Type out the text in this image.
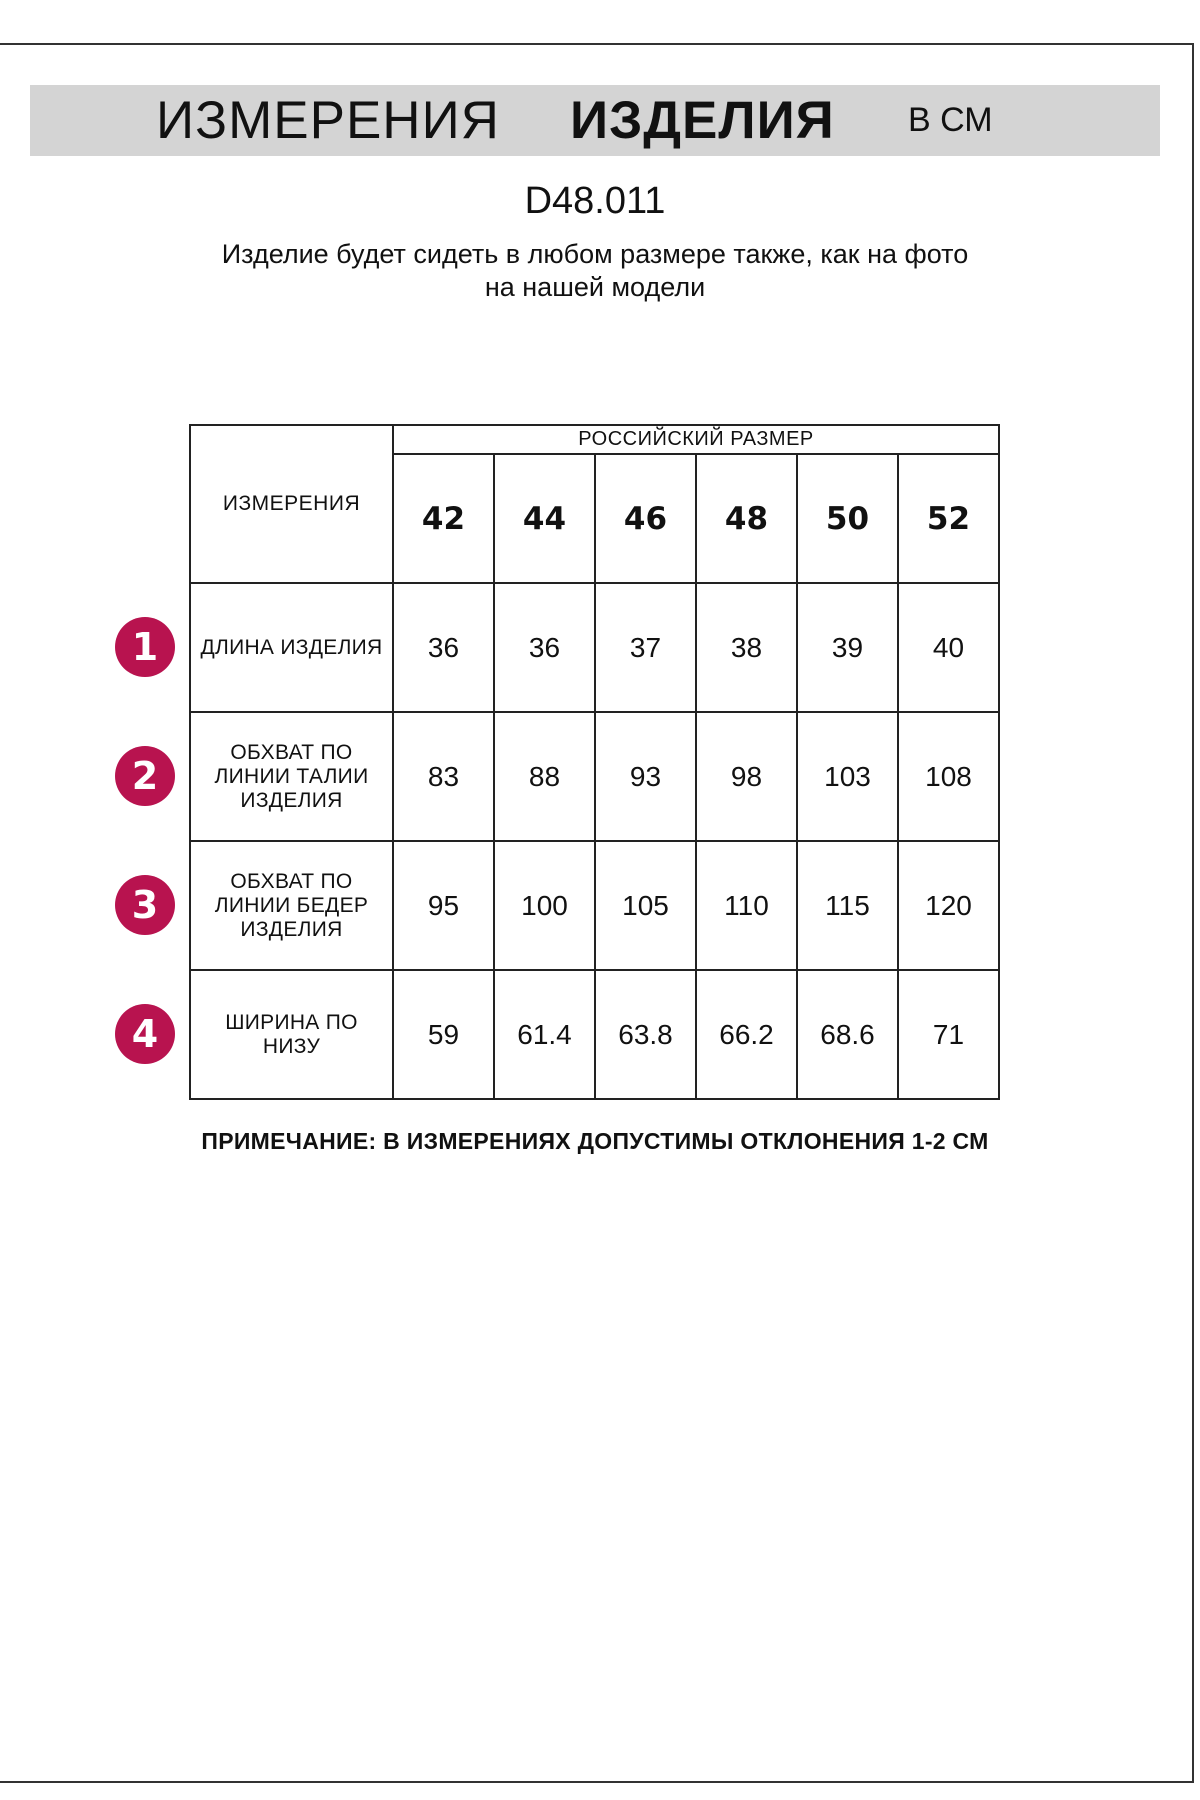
ИЗМЕРЕНИЯ ИЗДЕЛИЯ В СМ
D48.011
Изделие будет сидеть в любом размере также, как на фото
на нашей модели
ИЗМЕРЕНИЯ	РОССИЙСКИЙ РАЗМЕР					
	42	44	46	48	50	52

ДЛИНА ИЗДЕЛИЯ	36	36	37	38	39	40

ОБХВАТ ПО
ЛИНИИ ТАЛИИ
ИЗДЕЛИЯ	83	88	93	98	103	108

ОБХВАТ ПО
ЛИНИИ БЕДЕР
ИЗДЕЛИЯ	95	100	105	110	115	120

ШИРИНА ПО
НИЗУ	59	61.4	63.8	66.2	68.6	71
1
2
3
4
ПРИМЕЧАНИЕ: В ИЗМЕРЕНИЯХ ДОПУСТИМЫ ОТКЛОНЕНИЯ 1-2 СМ
